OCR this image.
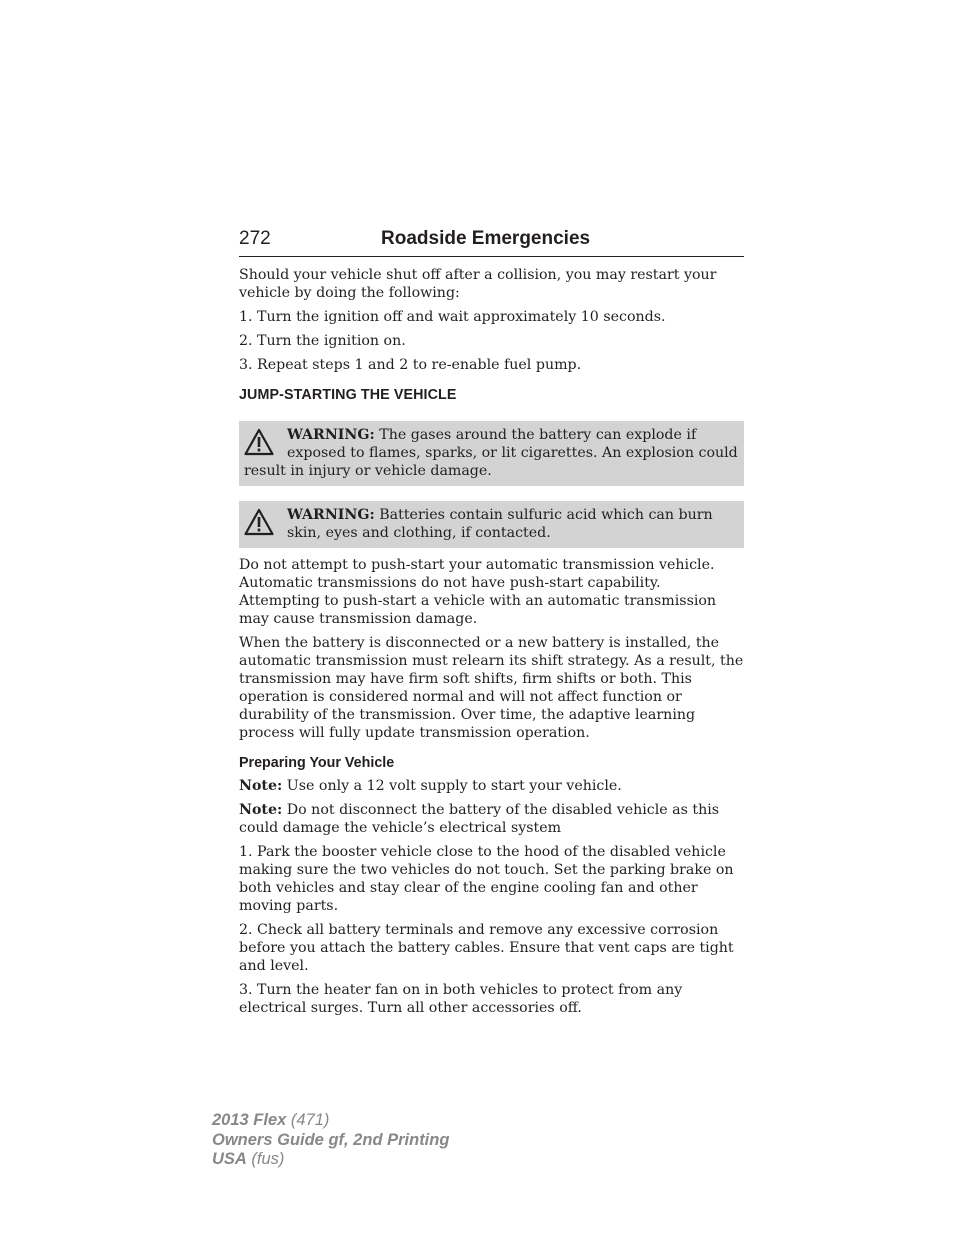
272	Roadside Emergencies

Should your vehicle shut off after a collision, you may restart your vehicle by doing the following:

1. Turn the ignition off and wait approximately 10 seconds.

2. Turn the ignition on.

3. Repeat steps 1 and 2 to re-enable fuel pump.

JUMP-STARTING THE VEHICLE
WARNING: The gases around the battery can explode if exposed to flames, sparks, or lit cigarettes. An explosion could result in injury or vehicle damage.
WARNING: Batteries contain sulfuric acid which can burn skin, eyes and clothing, if contacted.

Do not attempt to push-start your automatic transmission vehicle. Automatic transmissions do not have push-start capability. Attempting to push-start a vehicle with an automatic transmission may cause transmission damage.

When the battery is disconnected or a new battery is installed, the automatic transmission must relearn its shift strategy. As a result, the transmission may have firm soft shifts, firm shifts or both. This operation is considered normal and will not affect function or durability of the transmission. Over time, the adaptive learning process will fully update transmission operation.

Preparing Your Vehicle

Note: Use only a 12 volt supply to start your vehicle.

Note: Do not disconnect the battery of the disabled vehicle as this could damage the vehicle’s electrical system

1. Park the booster vehicle close to the hood of the disabled vehicle making sure the two vehicles do not touch. Set the parking brake on both vehicles and stay clear of the engine cooling fan and other moving parts.

2. Check all battery terminals and remove any excessive corrosion before you attach the battery cables. Ensure that vent caps are tight and level.

3. Turn the heater fan on in both vehicles to protect from any electrical surges. Turn all other accessories off.

2013 Flex (471)
Owners Guide gf, 2nd Printing
USA (fus)
